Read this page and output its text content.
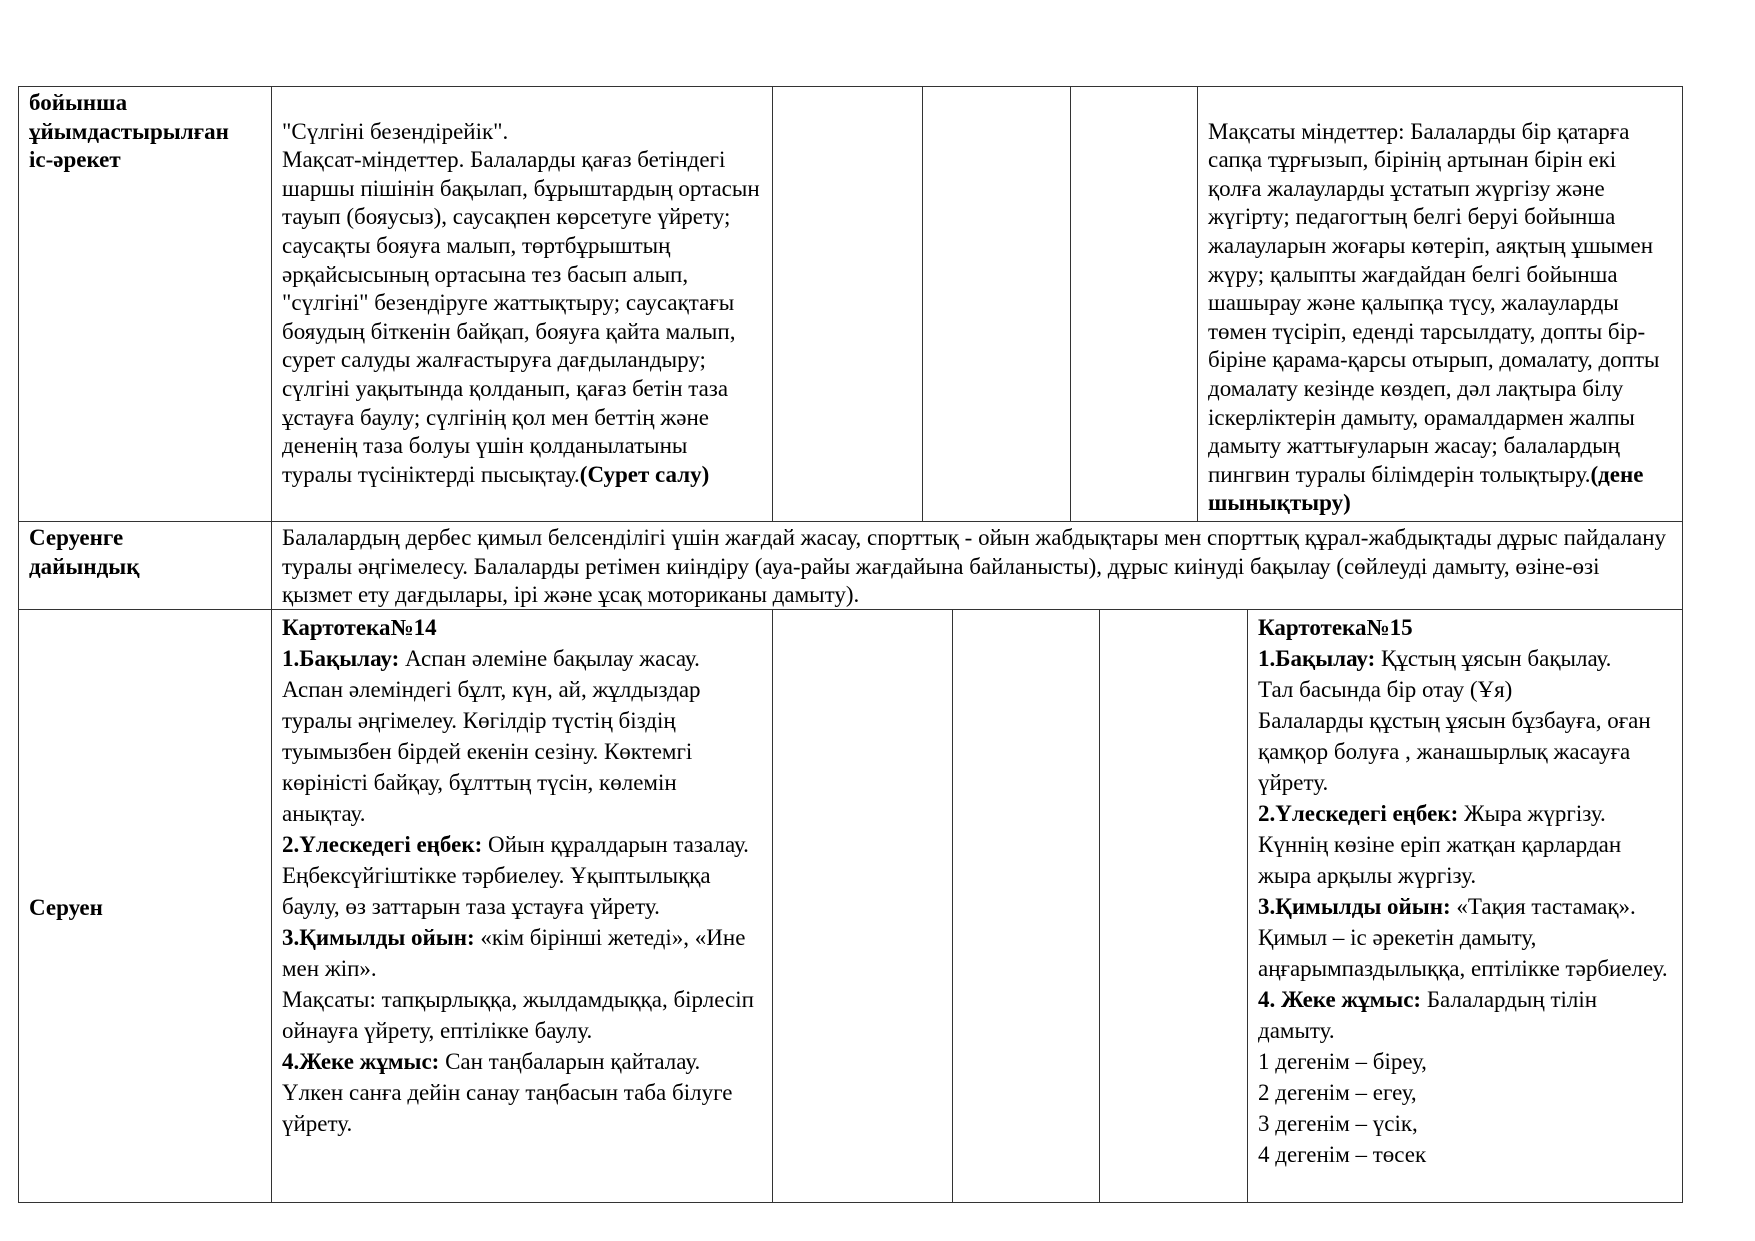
бойынша
ұйымдастырылған
іс-әрекет

"Сүлгіні безендірейік".
Мақсат-міндеттер. Балаларды қағаз бетіндегі шаршы пішінін бақылап, бұрыштардың ортасын тауып (бояусыз), саусақпен көрсетуге үйрету; саусақты бояуға малып, төртбұрыштың әрқайсысының ортасына тез басып алып, "сүлгіні" безендіруге жаттықтыру; саусақтағы бояудың біткенін байқап, бояуға қайта малып, сурет салуды жалғастыруға дағдыландыру; сүлгіні уақытында қолданып, қағаз бетін таза ұстауға баулу; сүлгінің қол мен беттің және дененің таза болуы үшін қолданылатыны туралы түсініктерді пысықтау.(Сурет салу)

Мақсаты міндеттер: Балаларды бір қатарға сапқа тұрғызып, бірінің артынан бірін екі қолға жалауларды ұстатып жүргізу және жүгірту; педагогтың белгі беруі бойынша жалауларын жоғары көтеріп, аяқтың ұшымен жүру; қалыпты жағдайдан белгі бойынша шашырау және қалыпқа түсу, жалауларды төмен түсіріп, еденді тарсылдату, допты бір-біріне қарама-қарсы отырып, домалату, допты домалату кезінде көздеп, дәл лақтыра білу іскерліктерін дамыту, орамалдармен жалпы дамыту жаттығуларын жасау; балалардың пингвин туралы білімдерін толықтыру.(дене шынықтыру)

Серуенге
дайындық
Балалардың дербес қимыл белсенділігі үшін жағдай жасау, спорттық - ойын жабдықтары мен спорттық құрал-жабдықтады дұрыс пайдалану туралы әңгімелесу. Балаларды ретімен киіндіру (ауа-райы жағдайына байланысты), дұрыс киінуді бақылау (сөйлеуді дамыту, өзіне-өзі қызмет ету дағдылары, ірі және ұсақ моториканы дамыту).
Серуен
Картотека№14
1.Бақылау: Аспан әлеміне бақылау жасау. Аспан әлеміндегі бұлт, күн, ай, жұлдыздар туралы әңгімелеу. Көгілдір түстің біздің туымызбен бірдей екенін сезіну. Көктемгі көріністі байқау, бұлттың түсін, көлемін анықтау.
2.Үлескедегі еңбек: Ойын құралдарын тазалау. Еңбексүйгіштікке тәрбиелеу. Ұқыптылыққа баулу, өз заттарын таза ұстауға үйрету.
3.Қимылды ойын: «кім бірінші жетеді», «Ине мен жіп».
Мақсаты: тапқырлыққа, жылдамдыққа, бірлесіп ойнауға үйрету, ептілікке баулу.
4.Жеке жұмыс: Сан таңбаларын қайталау. Үлкен санға дейін санау таңбасын таба білуге үйрету.
Картотека№15
1.Бақылау: Құстың ұясын бақылау.
Тал басында бір отау (Ұя)
Балаларды құстың ұясын бұзбауға, оған қамқор болуға , жанашырлық жасауға үйрету.
2.Үлескедегі еңбек: Жыра жүргізу. Күннің көзіне еріп жатқан қарлардан жыра арқылы жүргізу.
3.Қимылды ойын: «Тақия тастамақ». Қимыл – іс әрекетін дамыту, аңғарымпаздылыққа, ептілікке тәрбиелеу.
4. Жеке жұмыс: Балалардың тілін дамыту.
1 дегенім – біреу,
2 дегенім – егеу,
3 дегенім – үсік,
4 дегенім – төсек
